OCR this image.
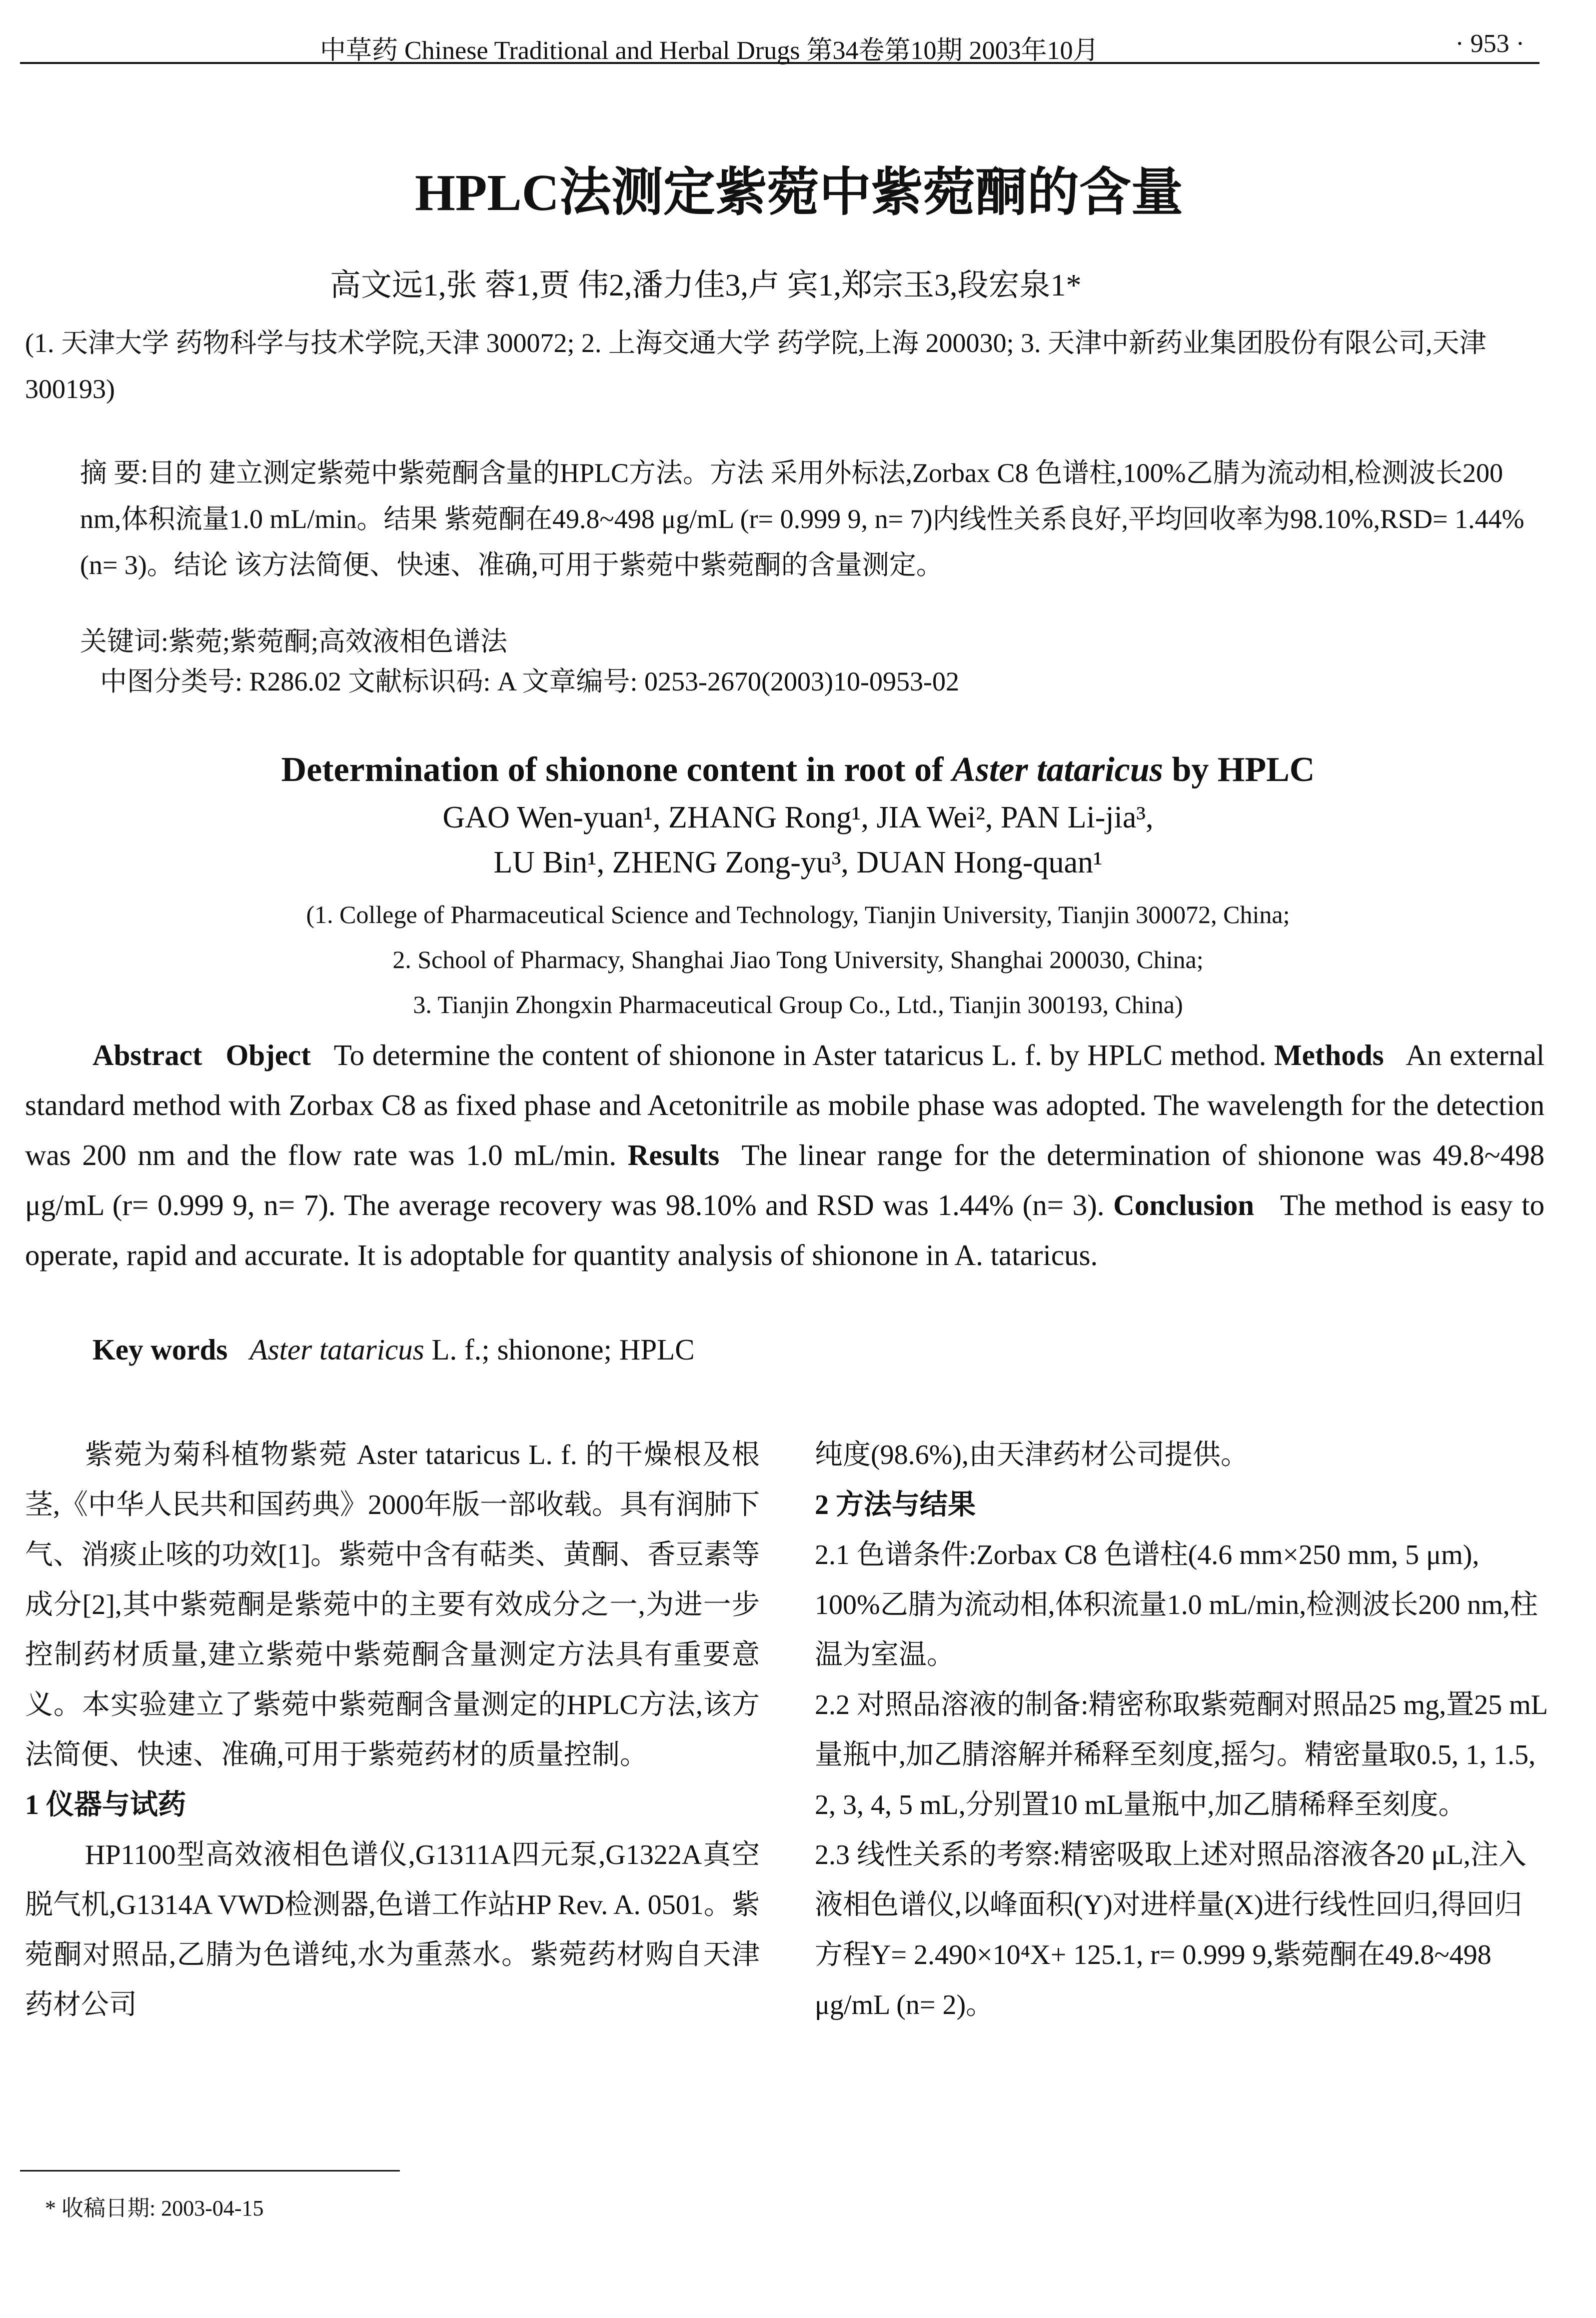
中草药 Chinese Traditional and Herbal Drugs 第34卷第10期 2003年10月	· 953 ·
HPLC法测定紫菀中紫菀酮的含量
高文远1,张 蓉1,贾 伟2,潘力佳3,卢 宾1,郑宗玉3,段宏泉1*
(1. 天津大学 药物科学与技术学院,天津 300072; 2. 上海交通大学 药学院,上海 200030; 3. 天津中新药业集团股份有限公司,天津 300193)
摘 要:目的 建立测定紫菀中紫菀酮含量的HPLC方法。方法 采用外标法,Zorbax C8 色谱柱,100%乙腈为流动相,检测波长200 nm,体积流量1.0 mL/min。结果 紫菀酮在49.8~498 μg/mL (r= 0.999 9, n= 7)内线性关系良好,平均回收率为98.10%,RSD= 1.44% (n= 3)。结论 该方法简便、快速、准确,可用于紫菀中紫菀酮的含量测定。
关键词:紫菀;紫菀酮;高效液相色谱法
中图分类号: R286.02 文献标识码: A 文章编号: 0253-2670(2003)10-0953-02
Determination of shionone content in root of Aster tataricus by HPLC
GAO Wen-yuan¹, ZHANG Rong¹, JIA Wei², PAN Li-jia³,
LU Bin¹, ZHENG Zong-yu³, DUAN Hong-quan¹
(1. College of Pharmaceutical Science and Technology, Tianjin University, Tianjin 300072, China;
2. School of Pharmacy, Shanghai Jiao Tong University, Shanghai 200030, China;
3. Tianjin Zhongxin Pharmaceutical Group Co., Ltd., Tianjin 300193, China)

Abstract Object To determine the content of shionone in Aster tataricus L. f. by HPLC method. Methods An external standard method with Zorbax C8 as fixed phase and Acetonitrile as mobile phase was adopted. The wavelength for the detection was 200 nm and the flow rate was 1.0 mL/min. Results The linear range for the determination of shionone was 49.8~498 μg/mL (r= 0.999 9, n= 7). The average recovery was 98.10% and RSD was 1.44% (n= 3). Conclusion The method is easy to operate, rapid and accurate. It is adoptable for quantity analysis of shionone in A. tataricus.

Key words Aster tataricus L. f.; shionone; HPLC

紫菀为菊科植物紫菀 Aster tataricus L. f. 的干燥根及根茎,《中华人民共和国药典》2000年版一部收载。具有润肺下气、消痰止咳的功效[1]。紫菀中含有萜类、黄酮、香豆素等成分[2],其中紫菀酮是紫菀中的主要有效成分之一,为进一步控制药材质量,建立紫菀中紫菀酮含量测定方法具有重要意义。本实验建立了紫菀中紫菀酮含量测定的HPLC方法,该方法简便、快速、准确,可用于紫菀药材的质量控制。

1 仪器与试药

HP1100型高效液相色谱仪,G1311A四元泵,G1322A真空脱气机,G1314A VWD检测器,色谱工作站HP Rev. A. 0501。紫菀酮对照品,乙腈为色谱纯,水为重蒸水。紫菀药材购自天津药材公司

纯度(98.6%),由天津药材公司提供。

2 方法与结果

2.1 色谱条件:Zorbax C8 色谱柱(4.6 mm×250 mm, 5 μm), 100%乙腈为流动相,体积流量1.0 mL/min,检测波长200 nm,柱温为室温。

2.2 对照品溶液的制备:精密称取紫菀酮对照品25 mg,置25 mL量瓶中,加乙腈溶解并稀释至刻度,摇匀。精密量取0.5, 1, 1.5, 2, 3, 4, 5 mL,分别置10 mL量瓶中,加乙腈稀释至刻度。

2.3 线性关系的考察:精密吸取上述对照品溶液各20 μL,注入液相色谱仪,以峰面积(Y)对进样量(X)进行线性回归,得回归方程Y= 2.490×10⁴X+ 125.1, r= 0.999 9,紫菀酮在49.8~498 μg/mL (n= 2)。

* 收稿日期: 2003-04-15
